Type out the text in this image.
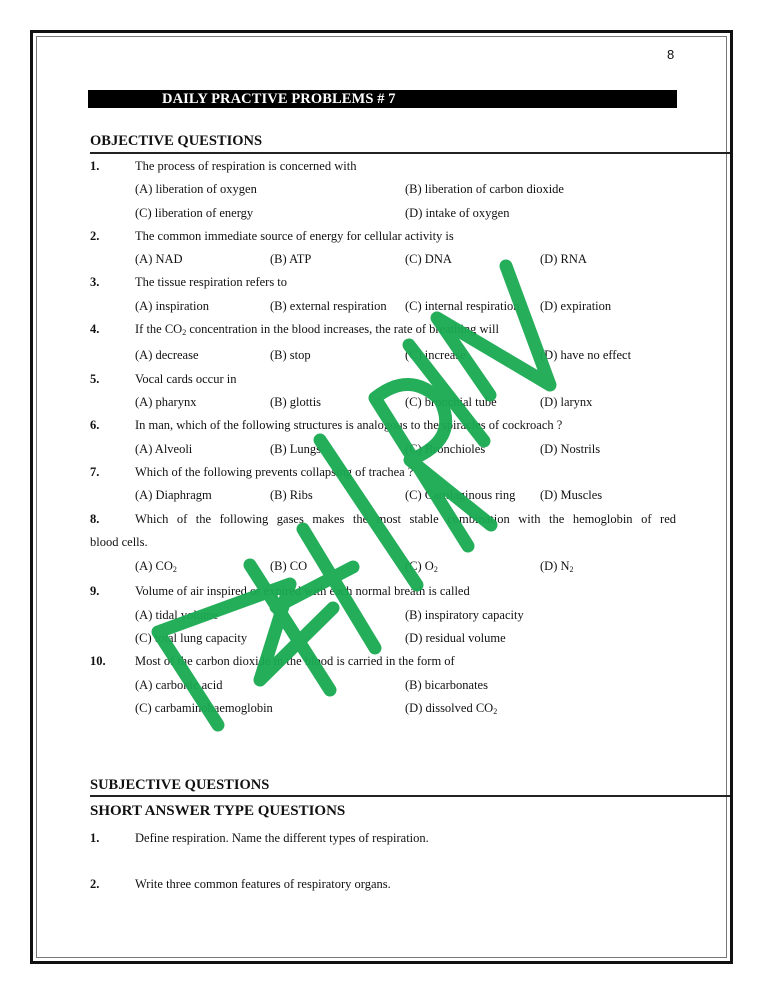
8
DAILY PRACTIVE PROBLEMS # 7
OBJECTIVE QUESTIONS
1.	The process of respiration is concerned with
(A) liberation of oxygen	(B) liberation of carbon dioxide
(C) liberation of energy	(D) intake of oxygen
2.	The common immediate source of energy for cellular activity is
(A) NAD	(B) ATP	(C) DNA	(D) RNA
3.	The tissue respiration refers to
(A) inspiration	(B) external respiration (C) internal respiration (D) expiration
4.	If the $CO_2$ concentration in the blood increases, the rate of breathing will
(A) decrease	(B) stop	(C) increase	(D) have no effect
5.	Vocal cards occur in
(A) pharynx	(B) glottis	(C) bronchial tube	(D) larynx
6.	In man, which of the following structures is analogous to the spiracles of cockroach ?
(A) Alveoli	(B) Lungs	(C) Bronchioles	(D) Nostrils
7.	Which of the following prevents collapsing of trachea ?
(A) Diaphragm	(B) Ribs	(C) Cartilaginous ring (D) Muscles
8.	Which of the following gases makes the most stable combination with the hemoglobin of red
blood cells.
(A) $CO_2$	(B) CO	(C) $O_2$	(D) $N_2$
9.	Volume of air inspired or expired with each normal breath is called
(A) tidal volume	(B) inspiratory capacity
(C) total lung capacity	(D) residual volume
10. Most of the carbon dioxide in the blood is carried in the form of
(A) carbonic acid	(B) bicarbonates
(C) carbaminohaemoglobin	(D) dissolved $CO_2$
SUBJECTIVE QUESTIONS
SHORT ANSWER TYPE QUESTIONS
1.	Define respiration. Name the different types of respiration.
2.	Write three common features of respiratory organs.
